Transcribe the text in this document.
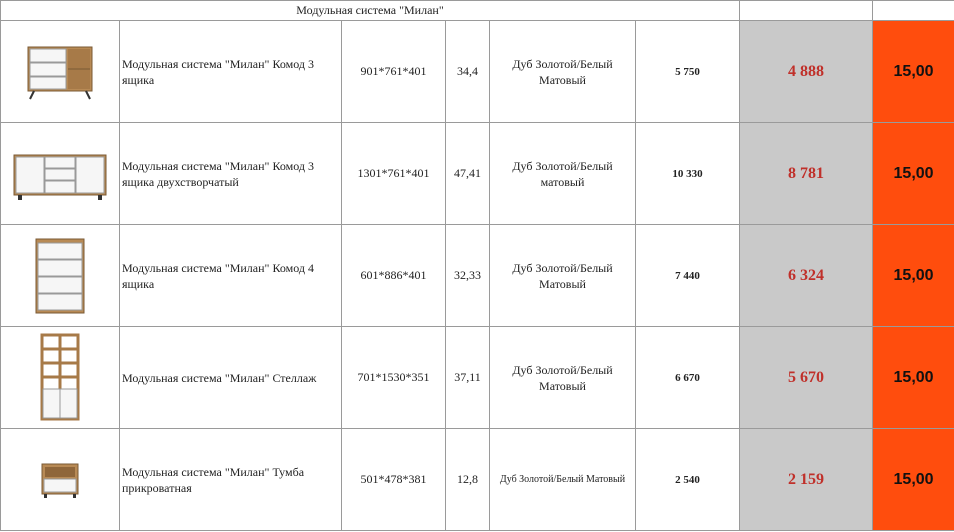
Модульная система "Милан"							

	Модульная система "Милан" Комод 3 ящика	901*761*401	34,4	Дуб Золотой/Белый Матовый	5 750	4 888	15,00

	Модульная система "Милан" Комод 3 ящика двухстворчатый	1301*761*401	47,41	Дуб Золотой/Белый матовый	10 330	8 781	15,00

	Модульная система "Милан" Комод 4 ящика	601*886*401	32,33	Дуб Золотой/Белый Матовый	7 440	6 324	15,00

	Модульная система "Милан" Стеллаж	701*1530*351	37,11	Дуб Золотой/Белый Матовый	6 670	5 670	15,00

	Модульная система "Милан" Тумба прикроватная	501*478*381	12,8	Дуб Золотой/Белый Матовый	2 540	2 159	15,00
